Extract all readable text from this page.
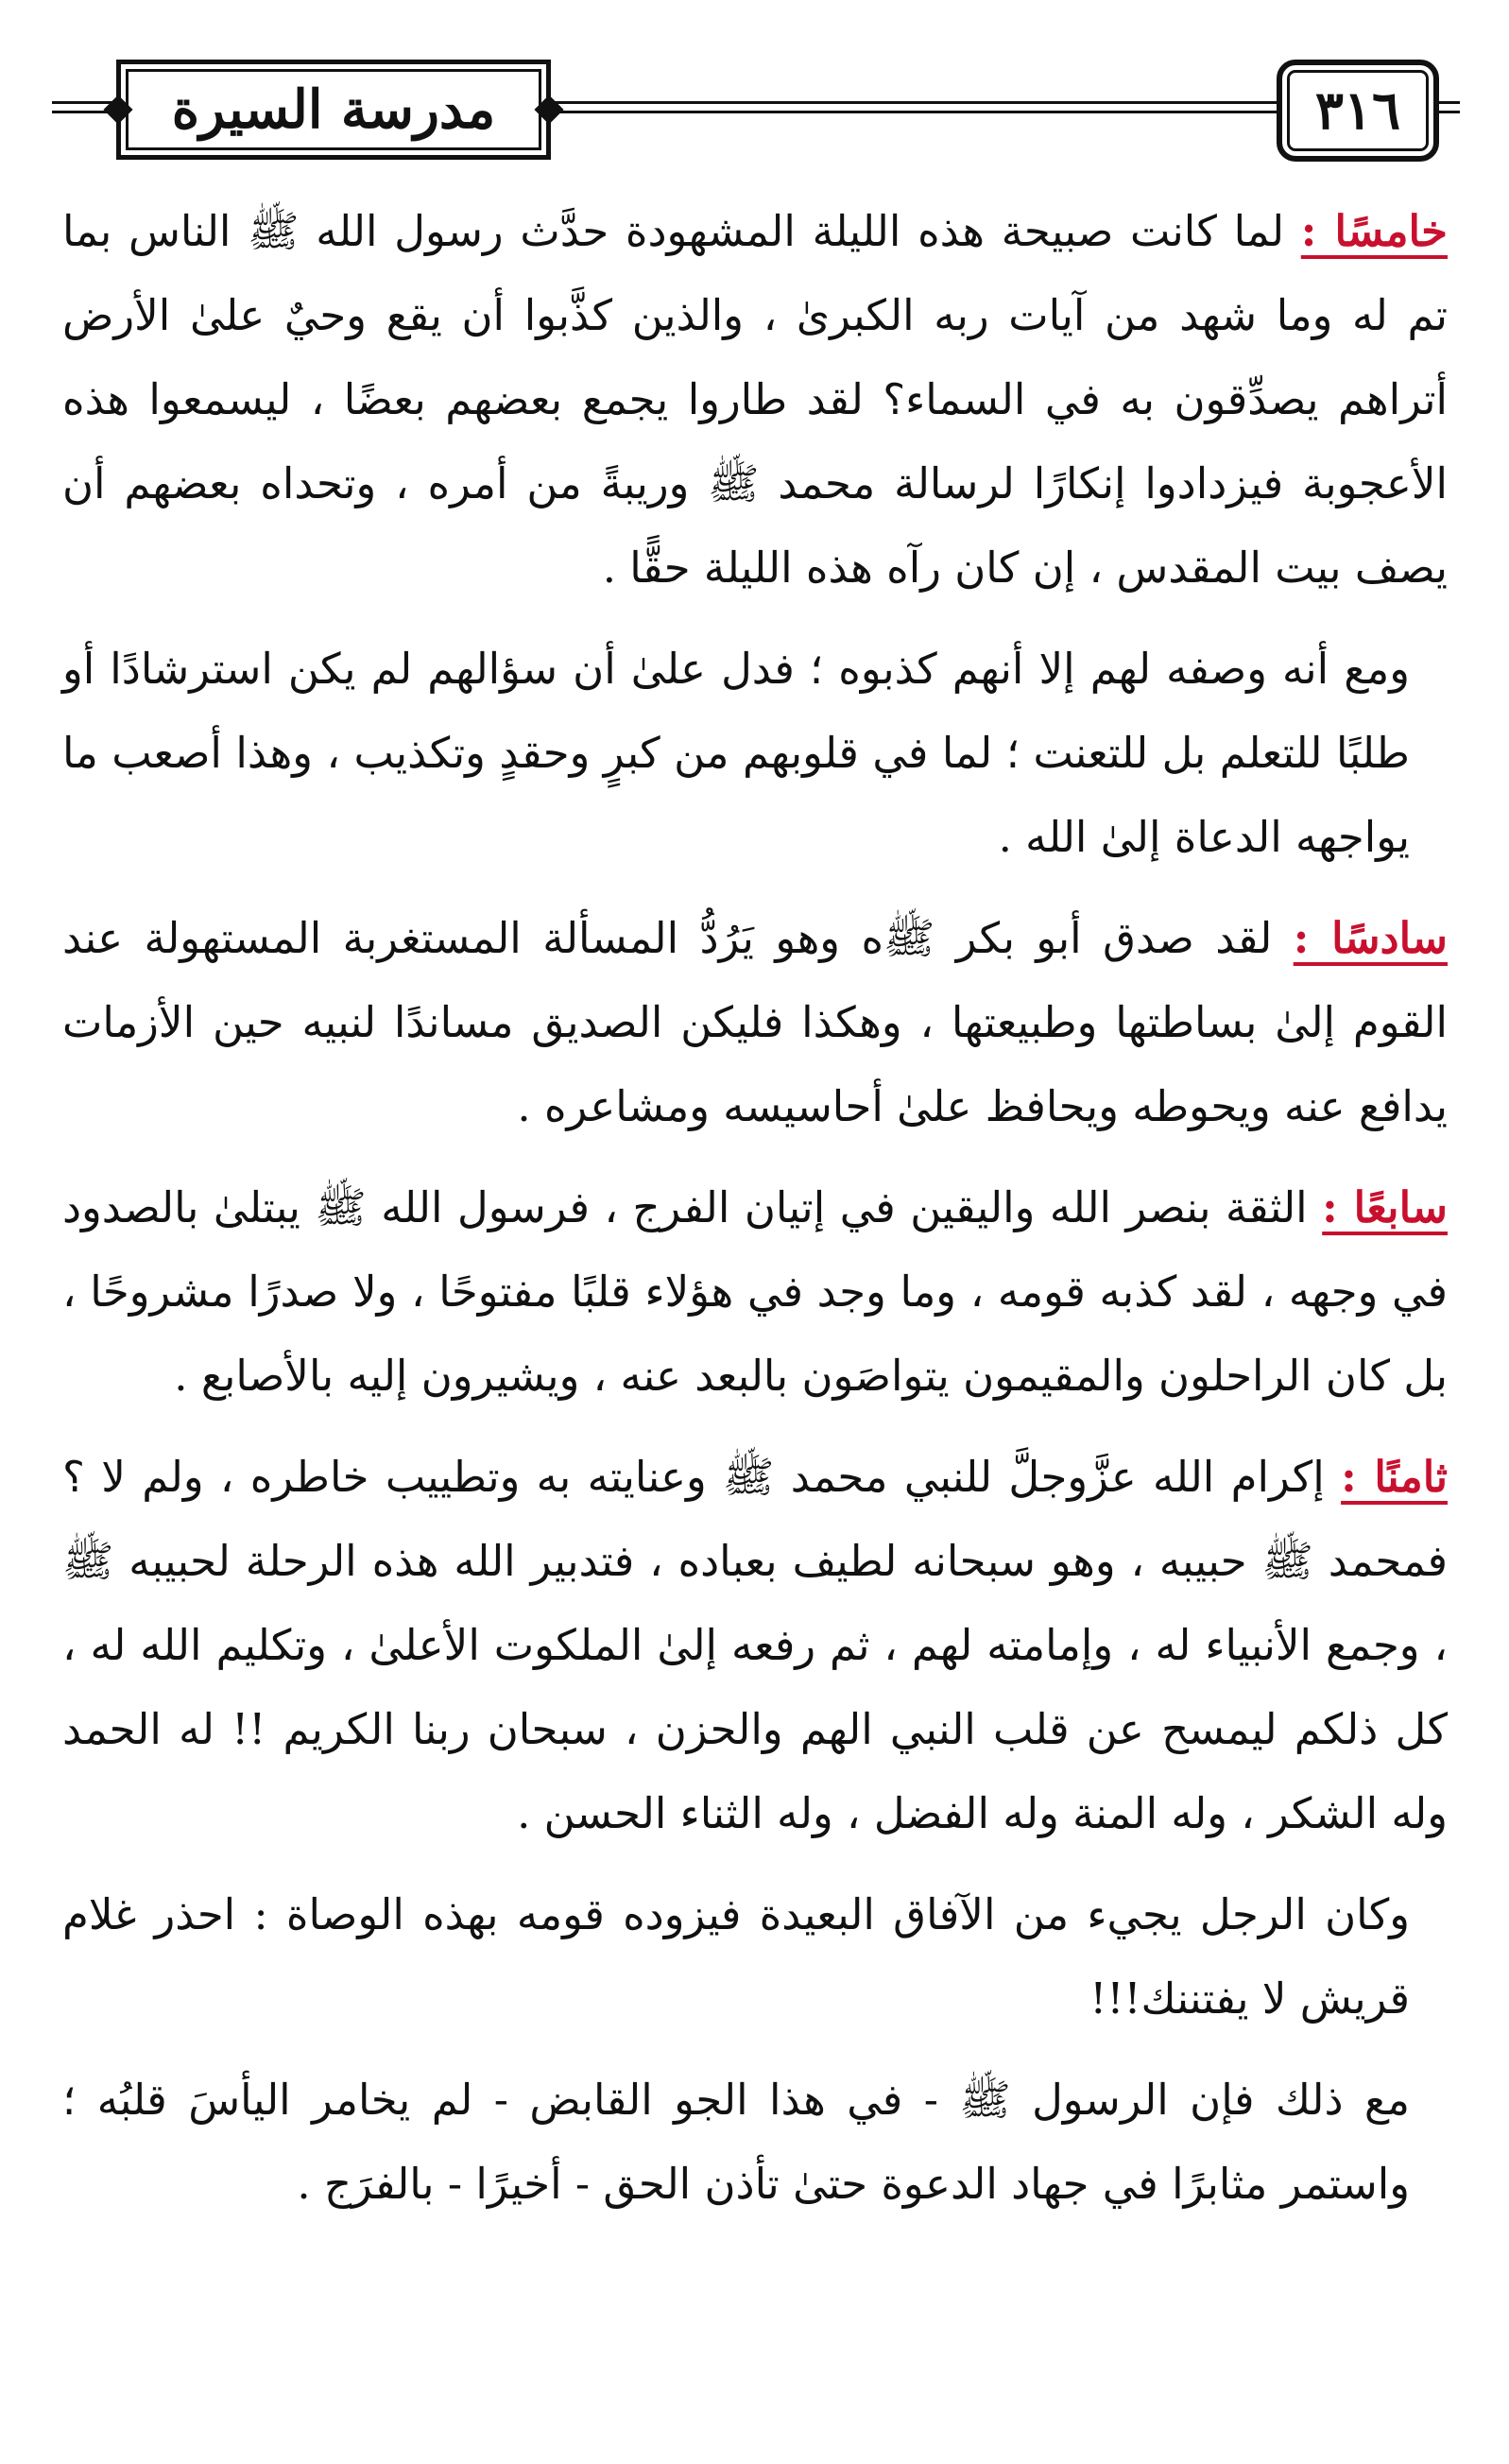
٣١٦
مدرسة السيرة

خامسًا : لما كانت صبيحة هذه الليلة المشهودة حدَّث رسول الله ﷺ الناس بما تم له وما شهد من آيات ربه الكبرىٰ ، والذين كذَّبوا أن يقع وحيٌ علىٰ الأرض أتراهم يصدِّقون به في السماء؟ لقد طاروا يجمع بعضهم بعضًا ، ليسمعوا هذه الأعجوبة فيزدادوا إنكارًا لرسالة محمد ﷺ وريبةً من أمره ، وتحداه بعضهم أن يصف بيت المقدس ، إن كان رآه هذه الليلة حقًّا .

ومع أنه وصفه لهم إلا أنهم كذبوه ؛ فدل علىٰ أن سؤالهم لم يكن استرشادًا أو طلبًا للتعلم بل للتعنت ؛ لما في قلوبهم من كبرٍ وحقدٍ وتكذيب ، وهذا أصعب ما يواجهه الدعاة إلىٰ الله .

سادسًا : لقد صدق أبو بكر ﷺه وهو يَرُدُّ المسألة المستغربة المستهولة عند القوم إلىٰ بساطتها وطبيعتها ، وهكذا فليكن الصديق مساندًا لنبيه حين الأزمات يدافع عنه ويحوطه ويحافظ علىٰ أحاسيسه ومشاعره .

سابعًا : الثقة بنصر الله واليقين في إتيان الفرج ، فرسول الله ﷺ يبتلىٰ بالصدود في وجهه ، لقد كذبه قومه ، وما وجد في هؤلاء قلبًا مفتوحًا ، ولا صدرًا مشروحًا ، بل كان الراحلون والمقيمون يتواصَون بالبعد عنه ، ويشيرون إليه بالأصابع .

ثامنًا : إكرام الله عزَّوجلَّ للنبي محمد ﷺ وعنايته به وتطييب خاطره ، ولم لا ؟ فمحمد ﷺ حبيبه ، وهو سبحانه لطيف بعباده ، فتدبير الله هذه الرحلة لحبيبه ﷺ ، وجمع الأنبياء له ، وإمامته لهم ، ثم رفعه إلىٰ الملكوت الأعلىٰ ، وتكليم الله له ، كل ذلكم ليمسح عن قلب النبي الهم والحزن ، سبحان ربنا الكريم !! له الحمد وله الشكر ، وله المنة وله الفضل ، وله الثناء الحسن .

وكان الرجل يجيء من الآفاق البعيدة فيزوده قومه بهذه الوصاة : احذر غلام قريش لا يفتننك!!!

مع ذلك فإن الرسول ﷺ - في هذا الجو القابض - لم يخامر اليأسَ قلبُه ؛ واستمر مثابرًا في جهاد الدعوة حتىٰ تأذن الحق - أخيرًا - بالفرَج .
